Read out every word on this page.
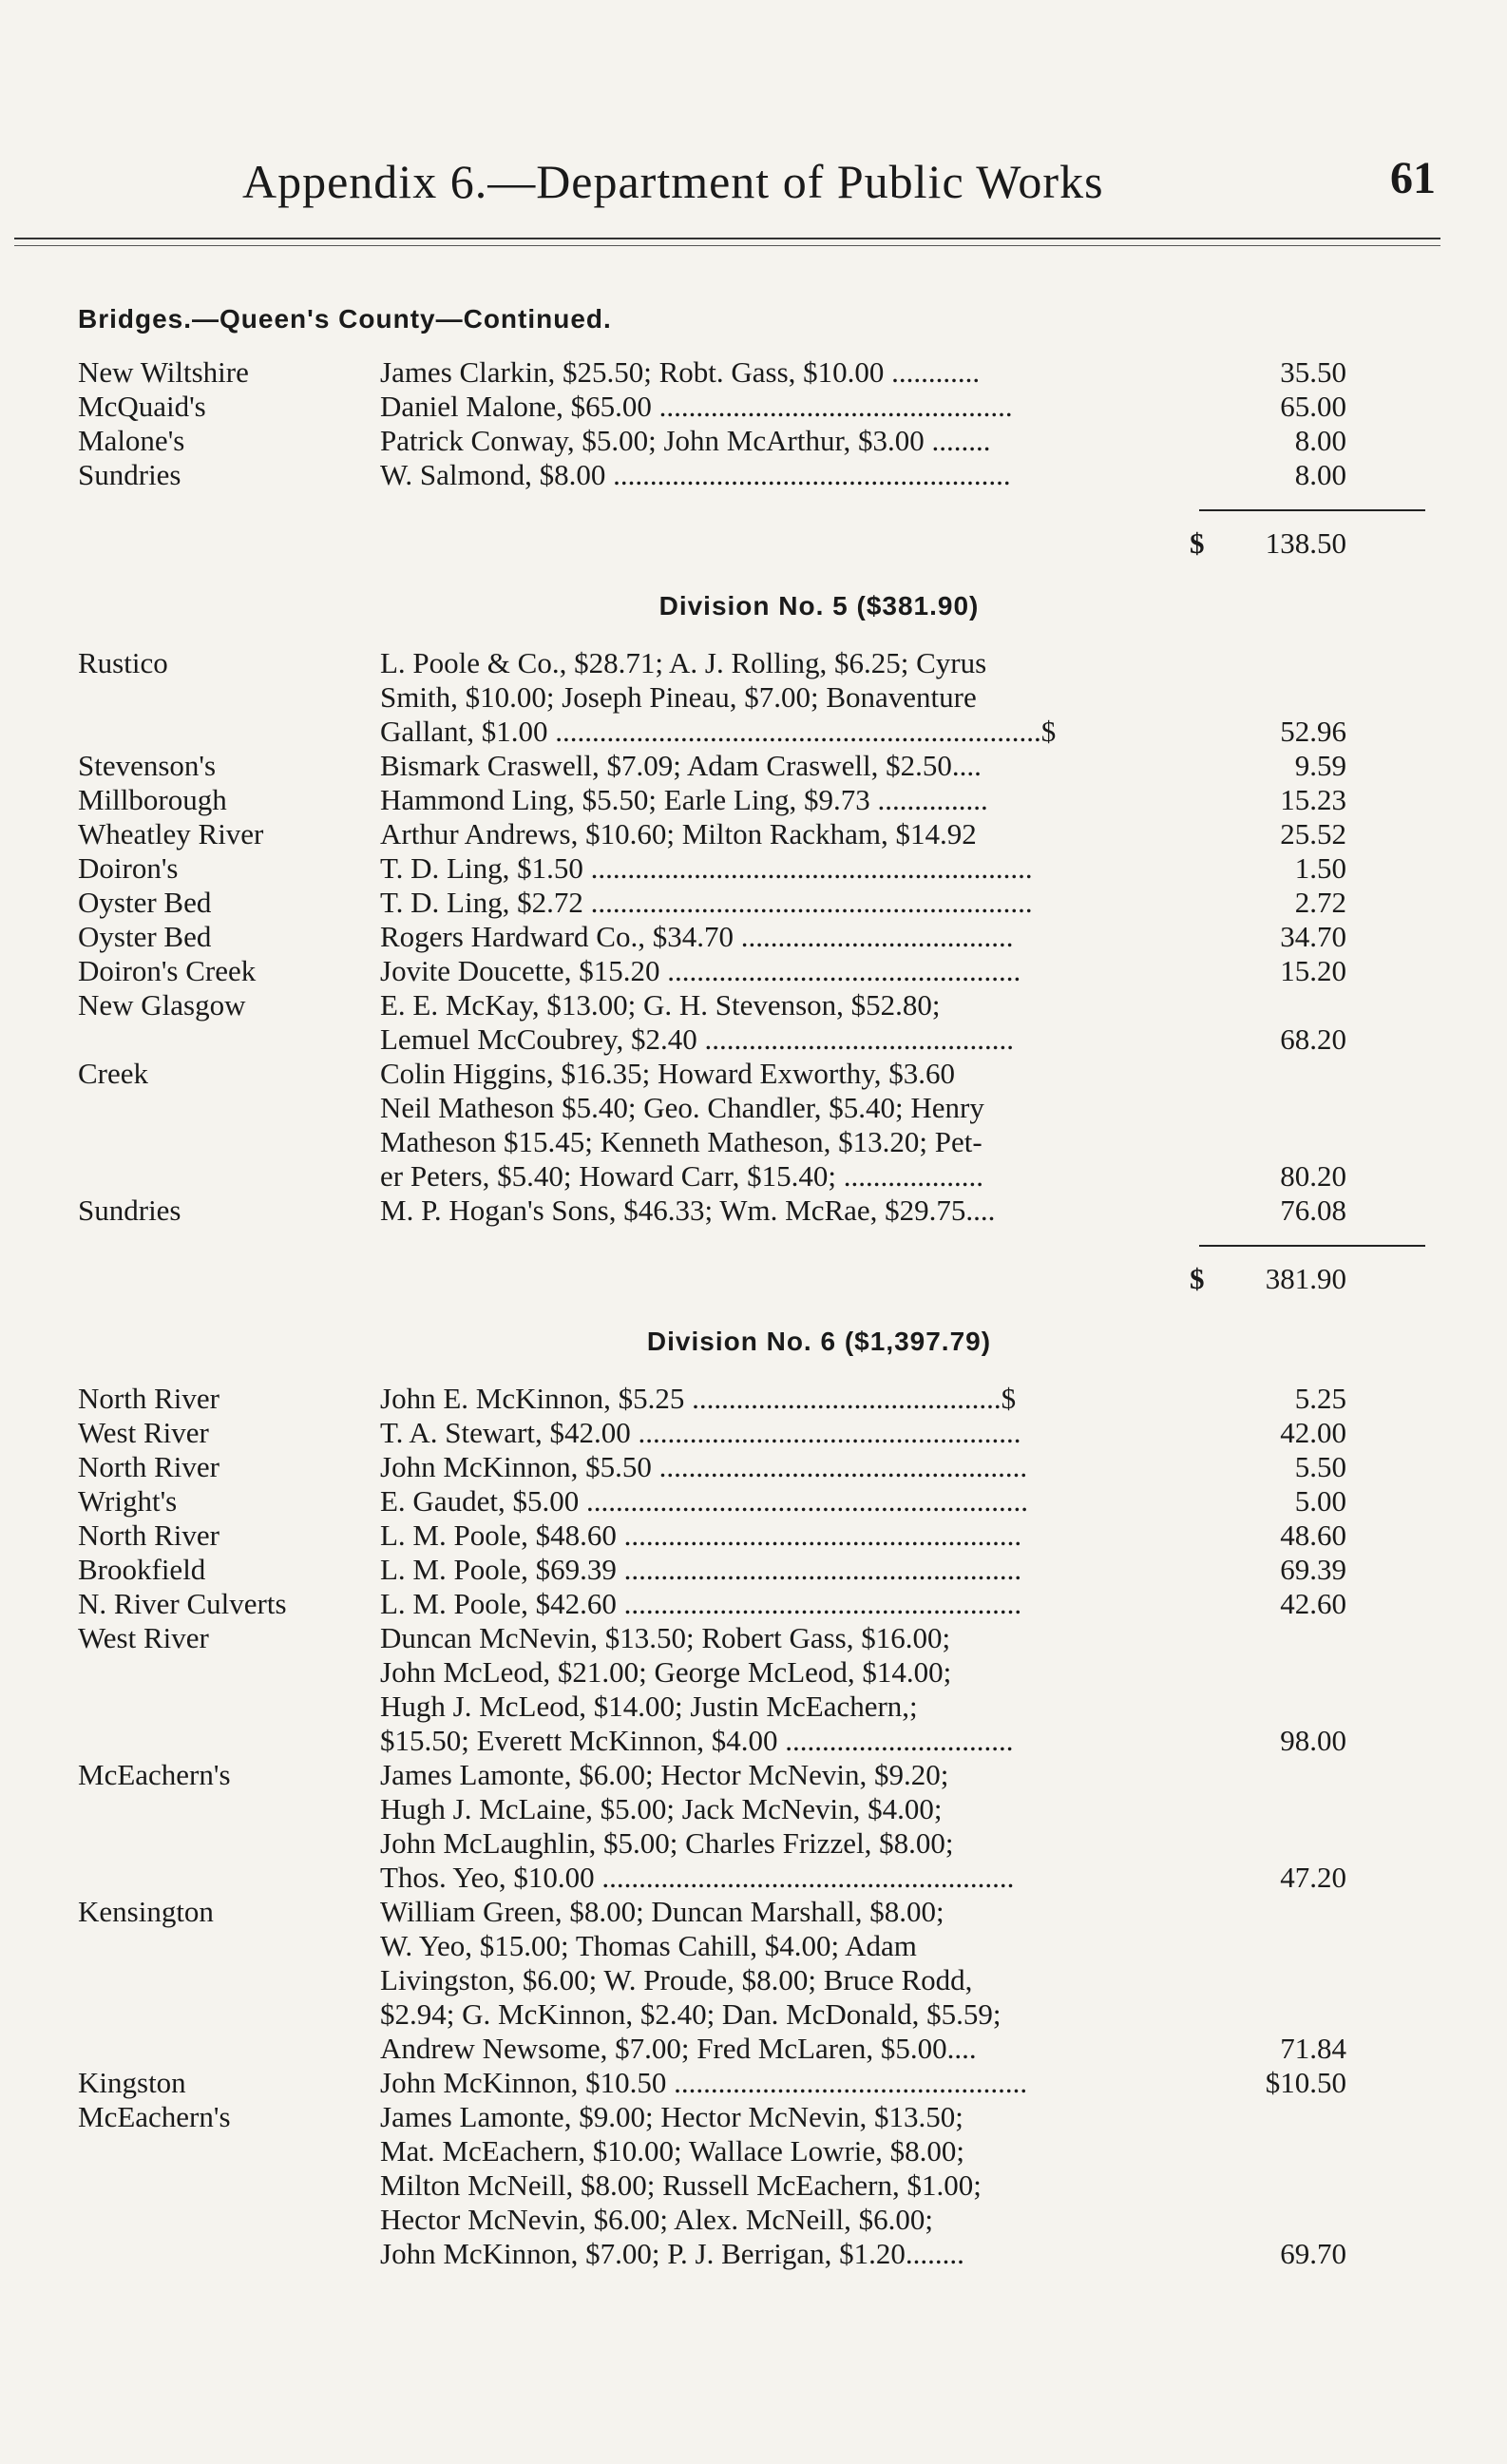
Appendix 6.—Department of Public Works	61
Bridges.—Queen's County—Continued.
New Wiltshire	James Clarkin, $25.50; Robt. Gass, $10.00 ............	35.50
McQuaid's	Daniel Malone, $65.00 ................................................	65.00
Malone's	Patrick Conway, $5.00; John McArthur, $3.00 ........	8.00
Sundries	W. Salmond, $8.00 ......................................................	8.00
$ 138.50
Division No. 5 ($381.90)
Rustico	L. Poole & Co., $28.71; A. J. Rolling, $6.25; Cyrus
Smith, $10.00; Joseph Pineau, $7.00; Bonaventure
Gallant, $1.00 ..................................................................$	52.96
Stevenson's	Bismark Craswell, $7.09; Adam Craswell, $2.50....	9.59
Millborough	Hammond Ling, $5.50; Earle Ling, $9.73 ...............	15.23
Wheatley River	Arthur Andrews, $10.60; Milton Rackham, $14.92	25.52
Doiron's	T. D. Ling, $1.50 ............................................................	1.50
Oyster Bed	T. D. Ling, $2.72 ............................................................	2.72
Oyster Bed	Rogers Hardward Co., $34.70 .....................................	34.70
Doiron's Creek	Jovite Doucette, $15.20 ................................................	15.20
New Glasgow	E. E. McKay, $13.00; G. H. Stevenson, $52.80;
Lemuel McCoubrey, $2.40 ..........................................	68.20
Creek	Colin Higgins, $16.35; Howard Exworthy, $3.60
Neil Matheson $5.40; Geo. Chandler, $5.40; Henry
Matheson $15.45; Kenneth Matheson, $13.20; Pet-
er Peters, $5.40; Howard Carr, $15.40; ...................	80.20
Sundries	M. P. Hogan's Sons, $46.33; Wm. McRae, $29.75....	76.08
$ 381.90
Division No. 6 ($1,397.79)
North River	John E. McKinnon, $5.25 ..........................................$	5.25
West River	T. A. Stewart, $42.00 ....................................................	42.00
North River	John McKinnon, $5.50 ..................................................	5.50
Wright's	E. Gaudet, $5.00 ............................................................	5.00
North River	L. M. Poole, $48.60 ......................................................	48.60
Brookfield	L. M. Poole, $69.39 ......................................................	69.39
N. River Culverts	L. M. Poole, $42.60 ......................................................	42.60
West River	Duncan McNevin, $13.50; Robert Gass, $16.00;
John McLeod, $21.00; George McLeod, $14.00;
Hugh J. McLeod, $14.00; Justin McEachern,;
$15.50; Everett McKinnon, $4.00 ...............................	98.00
McEachern's	James Lamonte, $6.00; Hector McNevin, $9.20;
Hugh J. McLaine, $5.00; Jack McNevin, $4.00;
John McLaughlin, $5.00; Charles Frizzel, $8.00;
Thos. Yeo, $10.00 ........................................................	47.20
Kensington	William Green, $8.00; Duncan Marshall, $8.00;
W. Yeo, $15.00; Thomas Cahill, $4.00; Adam
Livingston, $6.00; W. Proude, $8.00; Bruce Rodd,
$2.94; G. McKinnon, $2.40; Dan. McDonald, $5.59;
Andrew Newsome, $7.00; Fred McLaren, $5.00....	71.84
Kingston	John McKinnon, $10.50 ................................................	$10.50
McEachern's	James Lamonte, $9.00; Hector McNevin, $13.50;
Mat. McEachern, $10.00; Wallace Lowrie, $8.00;
Milton McNeill, $8.00; Russell McEachern, $1.00;
Hector McNevin, $6.00; Alex. McNeill, $6.00;
John McKinnon, $7.00; P. J. Berrigan, $1.20........	69.70
